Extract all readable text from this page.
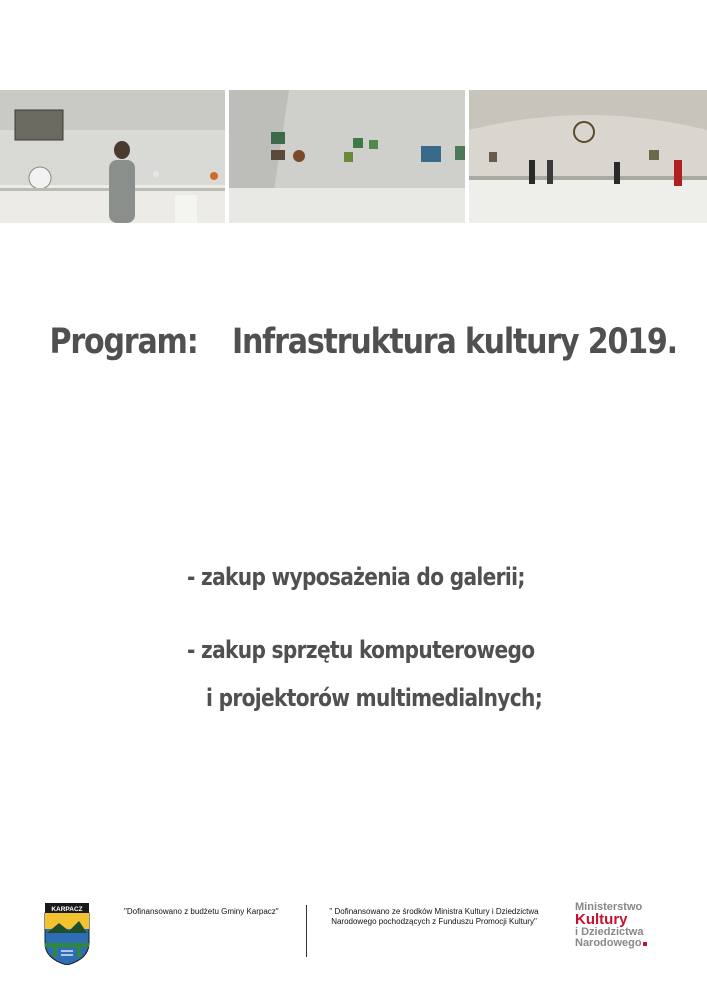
Program: Infrastruktura kultury 2019.
- zakup wyposażenia do galerii;
- zakup sprzętu komputerowego
i projektorów multimedialnych;
KARPACZ	"Dofinansowano z budżetu Gminy Karpacz"	" Dofinansowano ze środków Ministra Kultury i Dziedzictwa
Narodowego pochodzących z Funduszu Promocji Kultury"
Ministerstwo
Kultury
i Dziedzictwa
Narodowego
